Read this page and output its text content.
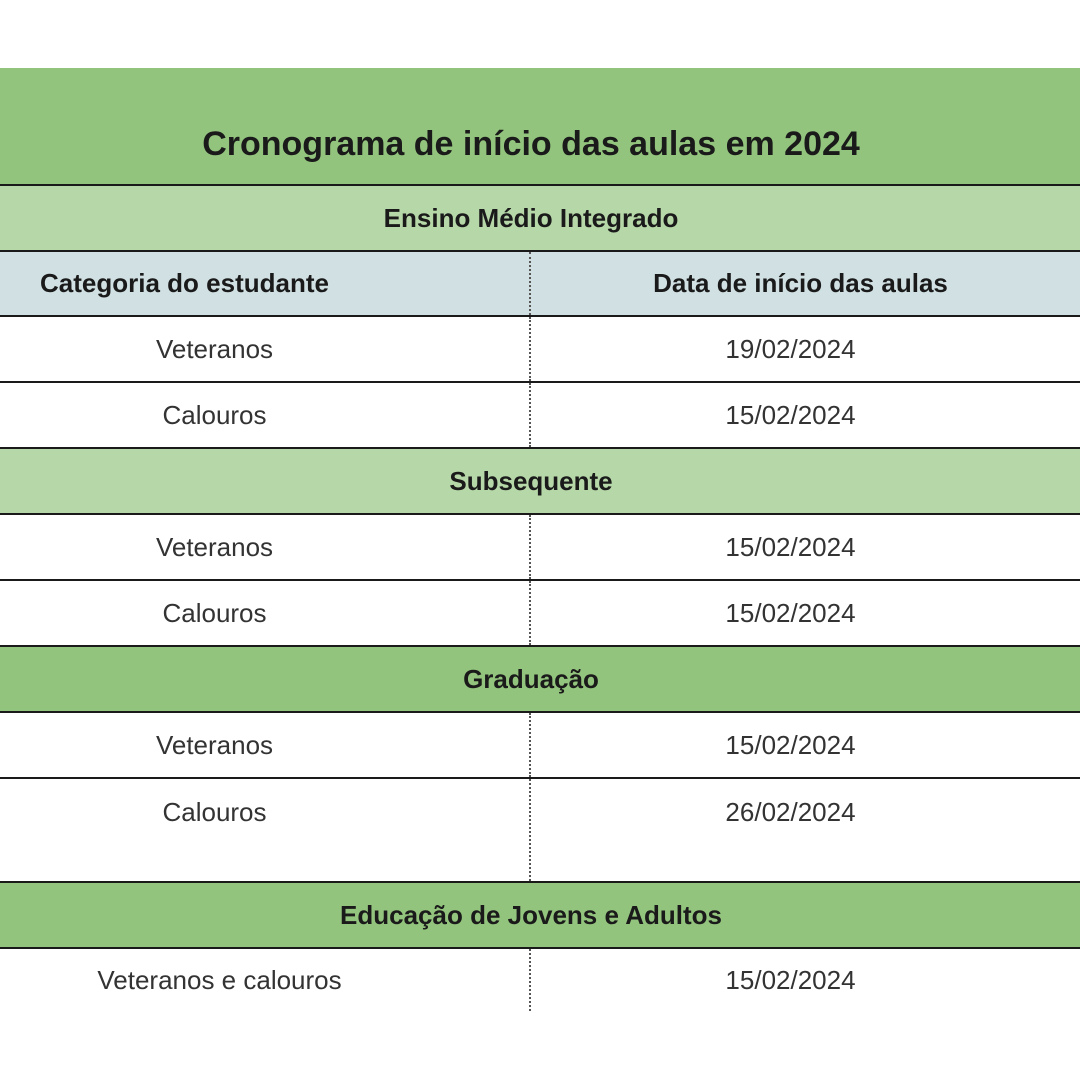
Cronograma de início das aulas em 2024
Ensino Médio Integrado
Categoria do estudante	Data de início das aulas
Veteranos	19/02/2024
Calouros	15/02/2024
Subsequente
Veteranos	15/02/2024
Calouros	15/02/2024
Graduação
Veteranos	15/02/2024
Calouros	26/02/2024
Educação de Jovens e Adultos
Veteranos e calouros	15/02/2024
